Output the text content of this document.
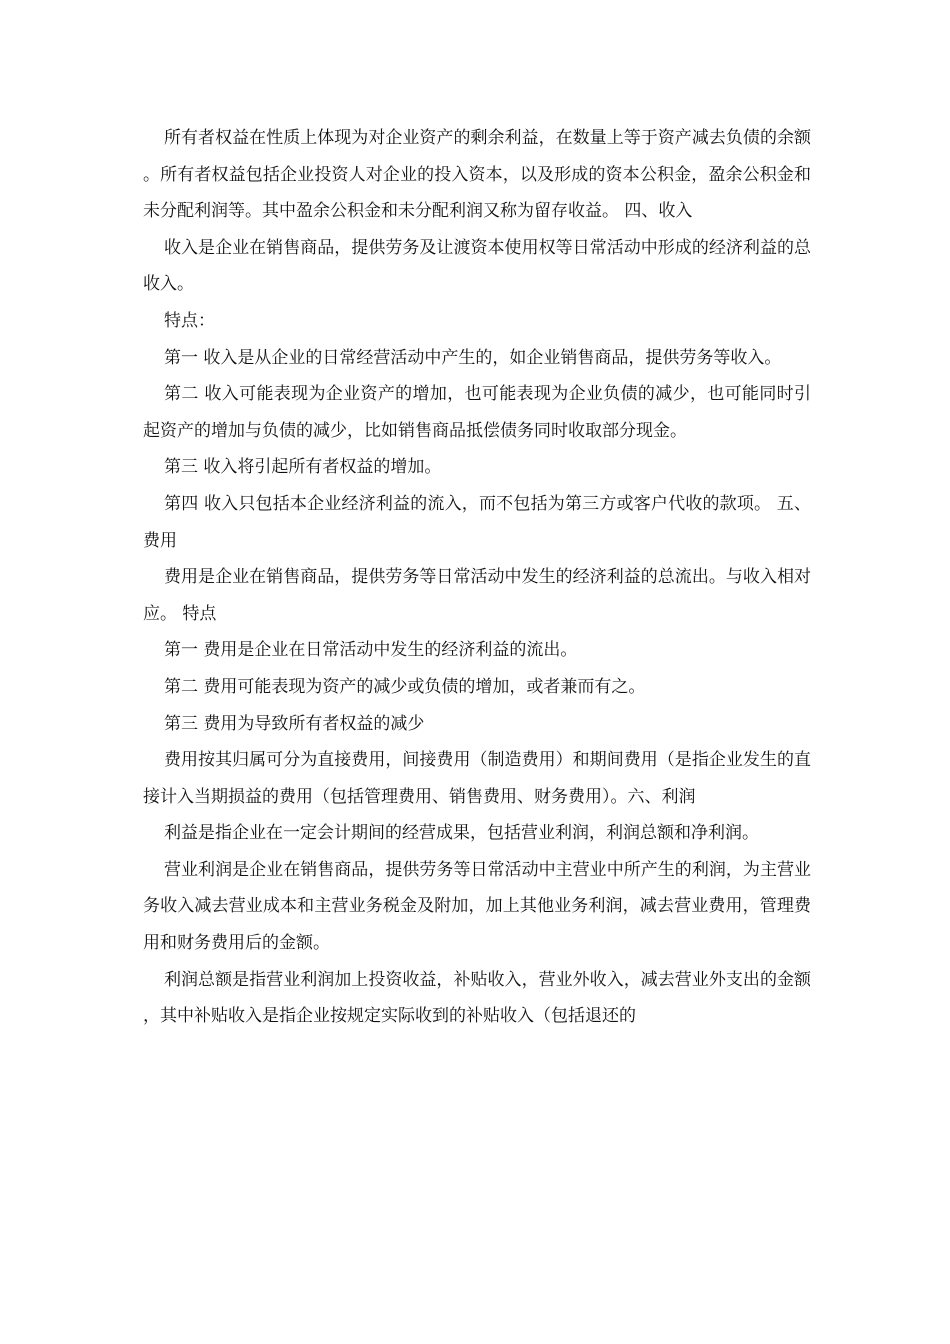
所有者权益在性质上体现为对企业资产的剩余利益，在数量上等于资产减去负债的余额。所有者权益包括企业投资人对企业的投入资本，以及形成的资本公积金，盈余公积金和未分配利润等。其中盈余公积金和未分配利润又称为留存收益。 四、收入

收入是企业在销售商品，提供劳务及让渡资本使用权等日常活动中形成的经济利益的总收入。

特点：

第一 收入是从企业的日常经营活动中产生的，如企业销售商品，提供劳务等收入。

第二 收入可能表现为企业资产的增加，也可能表现为企业负债的减少，也可能同时引起资产的增加与负债的减少，比如销售商品抵偿债务同时收取部分现金。

第三 收入将引起所有者权益的增加。

第四 收入只包括本企业经济利益的流入，而不包括为第三方或客户代收的款项。 五、费用

费用是企业在销售商品，提供劳务等日常活动中发生的经济利益的总流出。与收入相对应。 特点

第一 费用是企业在日常活动中发生的经济利益的流出。

第二 费用可能表现为资产的减少或负债的增加，或者兼而有之。

第三 费用为导致所有者权益的减少

费用按其归属可分为直接费用，间接费用（制造费用）和期间费用（是指企业发生的直接计入当期损益的费用（包括管理费用、销售费用、财务费用）。六、利润

利益是指企业在一定会计期间的经营成果，包括营业利润，利润总额和净利润。

营业利润是企业在销售商品，提供劳务等日常活动中主营业中所产生的利润，为主营业务收入减去营业成本和主营业务税金及附加，加上其他业务利润，减去营业费用，管理费用和财务费用后的金额。

利润总额是指营业利润加上投资收益，补贴收入，营业外收入，减去营业外支出的金额，其中补贴收入是指企业按规定实际收到的补贴收入（包括退还的
